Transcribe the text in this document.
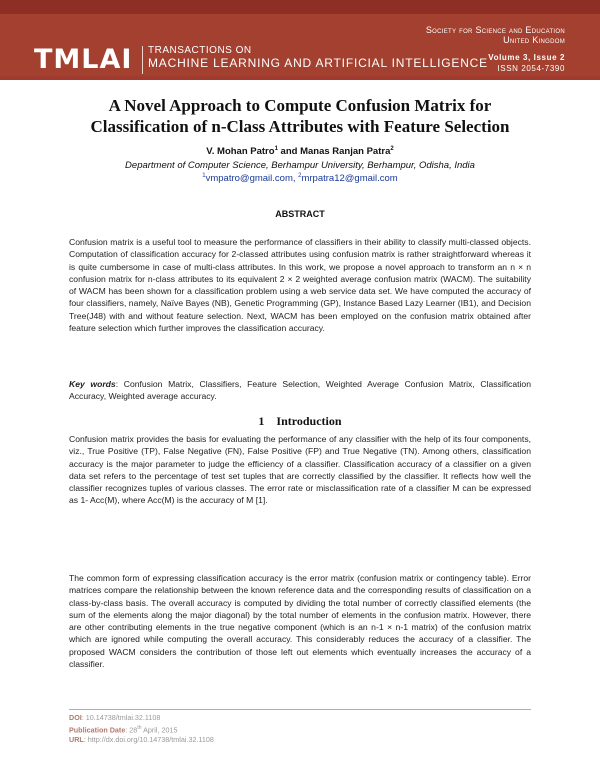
TMLAI TRANSACTIONS ON
MACHINE LEARNING AND ARTIFICIAL INTELLIGENCE
Society for Science and Education
United Kingdom
Volume 3, Issue 2
ISSN 2054-7390
A Novel Approach to Compute Confusion Matrix for
Classification of n-Class Attributes with Feature Selection
V. Mohan Patro$^1$ and Manas Ranjan Patra$^2$
Department of Computer Science, Berhampur University, Berhampur, Odisha, India
$^1$vmpatro@gmail.com, $^2$mrpatra12@gmail.com
ABSTRACT
Confusion matrix is a useful tool to measure the performance of classifiers in their ability to classify multi-classed objects. Computation of classification accuracy for 2-classed attributes using confusion matrix is rather straightforward whereas it is quite cumbersome in case of multi-class attributes. In this work, we propose a novel approach to transform an n × n confusion matrix for n-class attributes to its equivalent 2 × 2 weighted average confusion matrix (WACM). The suitability of WACM has been shown for a classification problem using a web service data set. We have computed the accuracy of four classifiers, namely, Naïve Bayes (NB), Genetic Programming (GP), Instance Based Lazy Learner (IB1), and Decision Tree(J48) with and without feature selection. Next, WACM has been employed on the confusion matrix obtained after feature selection which further improves the classification accuracy.
Key words: Confusion Matrix, Classifiers, Feature Selection, Weighted Average Confusion Matrix, Classification Accuracy, Weighted average accuracy.
1    Introduction
Confusion matrix provides the basis for evaluating the performance of any classifier with the help of its four components, viz., True Positive (TP), False Negative (FN), False Positive (FP) and True Negative (TN). Among others, classification accuracy is the major parameter to judge the efficiency of a classifier. Classification accuracy of a classifier on a given data set refers to the percentage of test set tuples that are correctly classified by the classifier. It reflects how well the classifier recognizes tuples of various classes. The error rate or misclassification rate of a classifier M can be expressed as 1- Acc(M), where Acc(M) is the accuracy of M [1].
The common form of expressing classification accuracy is the error matrix (confusion matrix or contingency table). Error matrices compare the relationship between the known reference data and the corresponding results of classification on a class-by-class basis. The overall accuracy is computed by dividing the total number of correctly classified elements (the sum of the elements along the major diagonal) by the total number of elements in the confusion matrix. However, there are other contributing elements in the true negative component (which is an n-1 × n-1 matrix) of the confusion matrix which are ignored while computing the overall accuracy. This considerably reduces the accuracy of a classifier. The proposed WACM considers the contribution of those left out elements which eventually increases the accuracy of a classifier.
DOI: 10.14738/tmlai.32.1108
Publication Date: 28th April, 2015
URL: http://dx.doi.org/10.14738/tmlai.32.1108
